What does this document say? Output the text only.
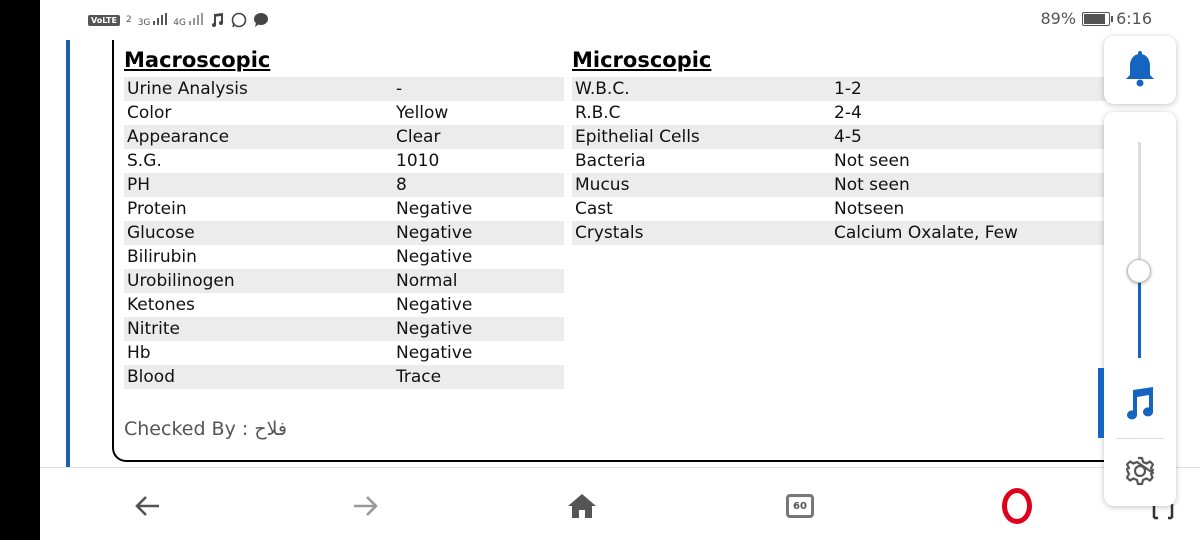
VoLTE	2 3G	4G	89%	6:16
Macroscopic	Microscopic
Urine Analysis	-
Color	Yellow
Appearance	Clear
S.G.	1010
PH	8
Protein	Negative
Glucose	Negative
Bilirubin	Negative
Urobilinogen	Normal
Ketones	Negative
Nitrite	Negative
Hb	Negative
Blood	Trace
W.B.C.	1-2
R.B.C	2-4
Epithelial Cells	4-5
Bacteria	Not seen
Mucus	Not seen
Cast	Notseen
Crystals	Calcium Oxalate, Few
Checked By : فلاح
60
